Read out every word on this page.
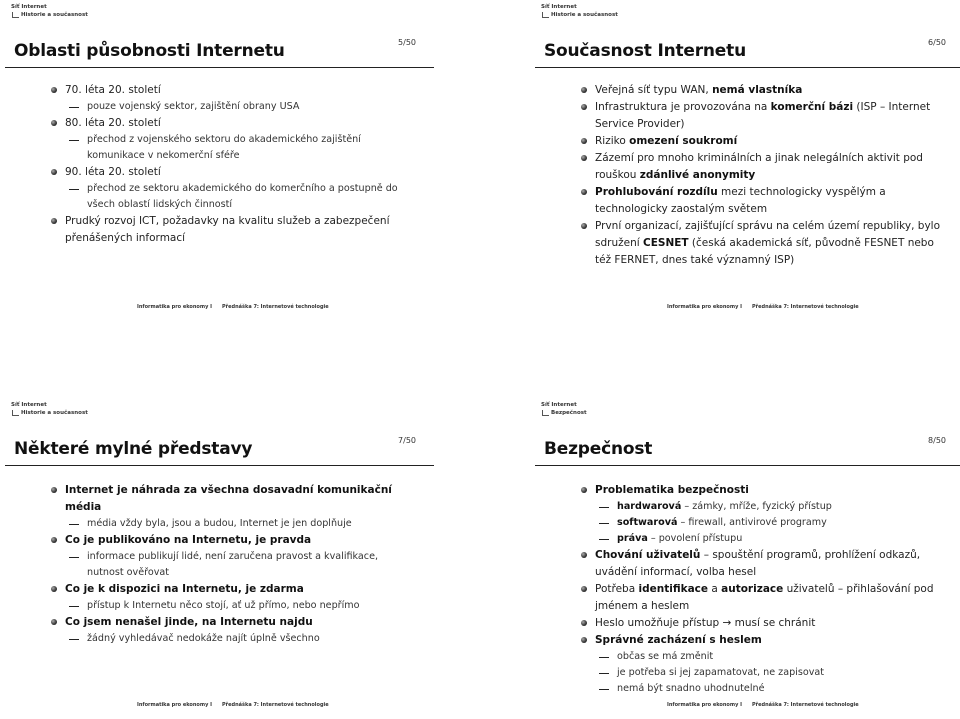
Síť Internet
Historie a současnost
Oblasti působnosti Internetu	5/50
70. léta 20. století
pouze vojenský sektor, zajištění obrany USA
80. léta 20. století
přechod z vojenského sektoru do akademického zajištění komunikace v nekomerční sféře
90. léta 20. století
přechod ze sektoru akademického do komerčního a postupně do všech oblastí lidských činností
Prudký rozvoj ICT, požadavky na kvalitu služeb a zabezpečení přenášených informací
Informatika pro ekonomy I Přednáška 7: Internetové technologie
Síť Internet
Historie a současnost
Současnost Internetu	6/50
Veřejná síť typu WAN, nemá vlastníka
Infrastruktura je provozována na komerční bázi (ISP – Internet Service Provider)
Riziko omezení soukromí
Zázemí pro mnoho kriminálních a jinak nelegálních aktivit pod rouškou zdánlivé anonymity
Prohlubování rozdílu mezi technologicky vyspělým a technologicky zaostalým světem
První organizací, zajišťující správu na celém území republiky, bylo sdružení CESNET (česká akademická síť, původně FESNET nebo též FERNET, dnes také významný ISP)
Informatika pro ekonomy I Přednáška 7: Internetové technologie
Síť Internet
Historie a současnost
Některé mylné představy	7/50
Internet je náhrada za všechna dosavadní komunikační média
média vždy byla, jsou a budou, Internet je jen doplňuje
Co je publikováno na Internetu, je pravda
informace publikují lidé, není zaručena pravost a kvalifikace, nutnost ověřovat
Co je k dispozici na Internetu, je zdarma
přístup k Internetu něco stojí, ať už přímo, nebo nepřímo
Co jsem nenašel jinde, na Internetu najdu
žádný vyhledávač nedokáže najít úplně všechno
Informatika pro ekonomy I Přednáška 7: Internetové technologie
Síť Internet
Bezpečnost
Bezpečnost	8/50
Problematika bezpečnosti
hardwarová – zámky, mříže, fyzický přístup
softwarová – firewall, antivirové programy
práva – povolení přístupu
Chování uživatelů – spouštění programů, prohlížení odkazů, uvádění informací, volba hesel
Potřeba identifikace a autorizace uživatelů – přihlašování pod jménem a heslem
Heslo umožňuje přístup → musí se chránit
Správné zacházení s heslem
občas se má změnit
je potřeba si jej zapamatovat, ne zapisovat
nemá být snadno uhodnutelné
Informatika pro ekonomy I Přednáška 7: Internetové technologie
